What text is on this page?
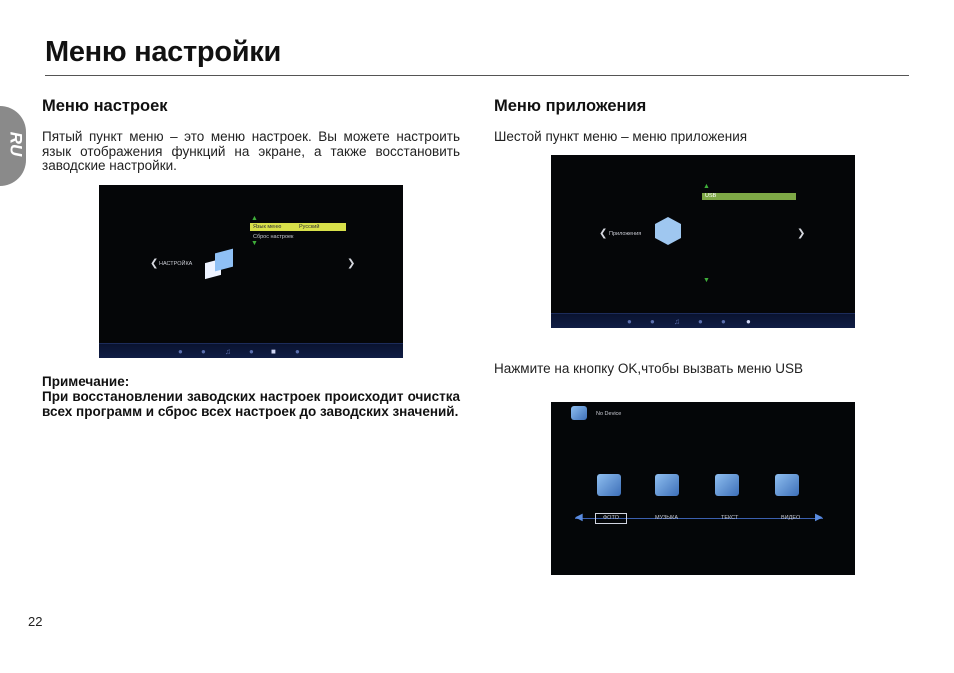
Меню настройки
RU
Меню настроек
Пятый пункт меню – это меню настроек. Вы можете настроить язык отображения функций на экране, а также восстановить заводские настройки.
▲
Язык меню	Русский
Сброс настроек
▼
❮ НАСТРОЙКА	❯
● ● ♫ ● ■ ●
Примечание:
При восстановлении заводских настроек происходит очистка всех программ и сброс всех настроек до заводских значений.
Меню приложения
Шестой пункт меню – меню приложения
▲
USB
❮ Приложения	❯
▼
● ● ♫ ● ●	●
Нажмите на кнопку OK,чтобы вызвать меню USB
No Device
◀	▶
ФОТО	МУЗЫКА	ТЕКСТ	ВИДЕО
22
